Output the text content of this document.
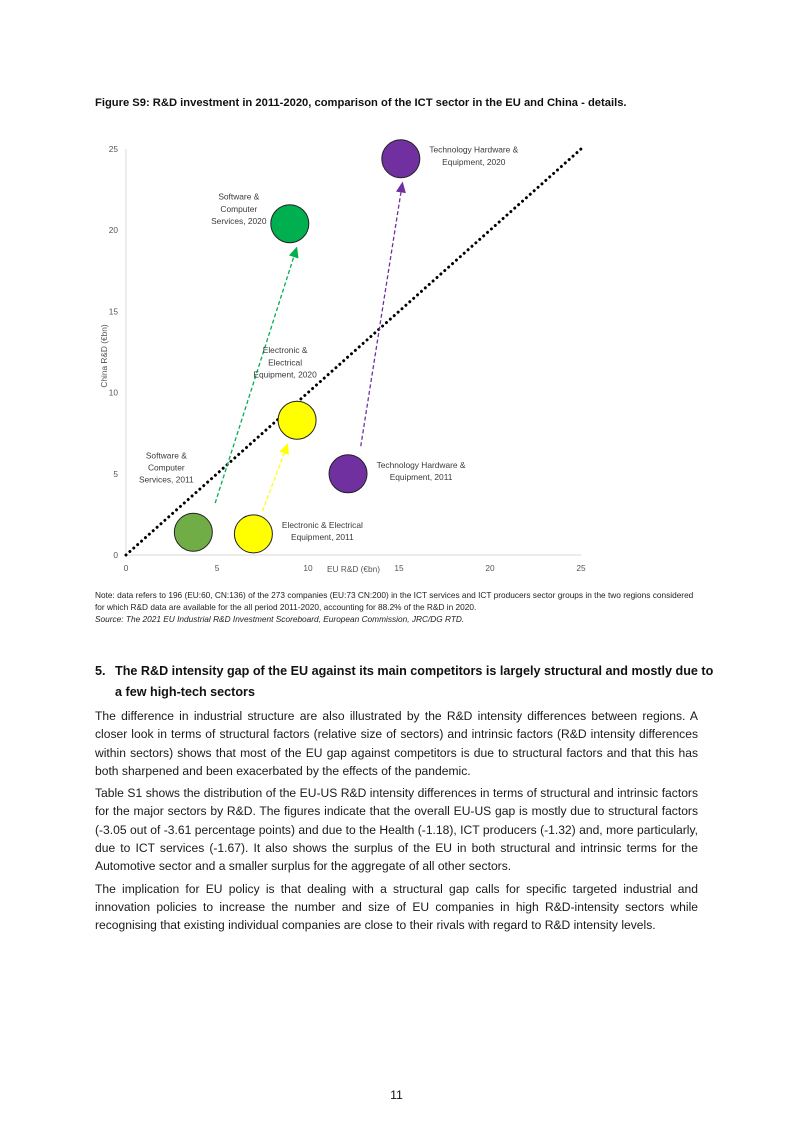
Figure S9: R&D investment in 2011-2020, comparison of the ICT sector in the EU and China - details.
0	5	10	15	20	25
0
5
10
15
20
25
Software & Computer Services, 2011
Electronic & Electrical Equipment, 2011
Technology Hardware & Equipment, 2011
Software & Computer Services, 2020
Electronic & Electrical Equipment, 2020
Technology Hardware & Equipment, 2020
China R&D (€bn)
EU R&D (€bn)
Note: data refers to 196 (EU:60, CN:136) of the 273 companies (EU:73 CN:200) in the ICT services and ICT producers sector groups in the two regions considered for which R&D data are available for the all period 2011-2020, accounting for 88.2% of the R&D in 2020.
Source: The 2021 EU Industrial R&D Investment Scoreboard, European Commission, JRC/DG RTD.
5. The R&D intensity gap of the EU against its main competitors is largely structural and mostly due to a few high-tech sectors

The difference in industrial structure are also illustrated by the R&D intensity differences between regions. A closer look in terms of structural factors (relative size of sectors) and intrinsic factors (R&D intensity differences within sectors) shows that most of the EU gap against competitors is due to structural factors and that this has both sharpened and been exacerbated by the effects of the pandemic.

Table S1 shows the distribution of the EU-US R&D intensity differences in terms of structural and intrinsic factors for the major sectors by R&D. The figures indicate that the overall EU-US gap is mostly due to structural factors (-3.05 out of -3.61 percentage points) and due to the Health (-1.18), ICT producers (-1.32) and, more particularly, due to ICT services (-1.67). It also shows the surplus of the EU in both structural and intrinsic terms for the Automotive sector and a smaller surplus for the aggregate of all other sectors.

The implication for EU policy is that dealing with a structural gap calls for specific targeted industrial and innovation policies to increase the number and size of EU companies in high R&D-intensity sectors while recognising that existing individual companies are close to their rivals with regard to R&D intensity levels.

11
